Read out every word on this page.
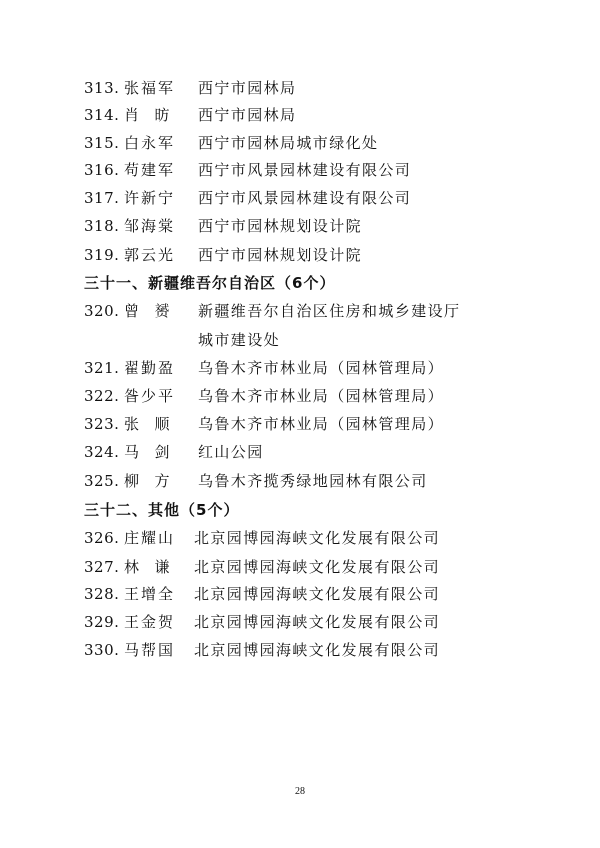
313. 张福军 西宁市园林局
314. 肖  昉 西宁市园林局
315. 白永军 西宁市园林局城市绿化处
316. 苟建军 西宁市风景园林建设有限公司
317. 许新宁 西宁市风景园林建设有限公司
318. 邹海棠 西宁市园林规划设计院
319. 郭云光 西宁市园林规划设计院
三十一、新疆维吾尔自治区（6个）
320. 曾  赟 新疆维吾尔自治区住房和城乡建设厅
城市建设处
321. 翟勤盈 乌鲁木齐市林业局（园林管理局）
322. 昝少平 乌鲁木齐市林业局（园林管理局）
323. 张  顺 乌鲁木齐市林业局（园林管理局）
324. 马  剑 红山公园
325. 柳  方 乌鲁木齐揽秀绿地园林有限公司
三十二、其他（5个）
326. 庄耀山 北京园博园海峡文化发展有限公司
327. 林  谦 北京园博园海峡文化发展有限公司
328. 王增全 北京园博园海峡文化发展有限公司
329. 王金贺 北京园博园海峡文化发展有限公司
330. 马帮国 北京园博园海峡文化发展有限公司
28
